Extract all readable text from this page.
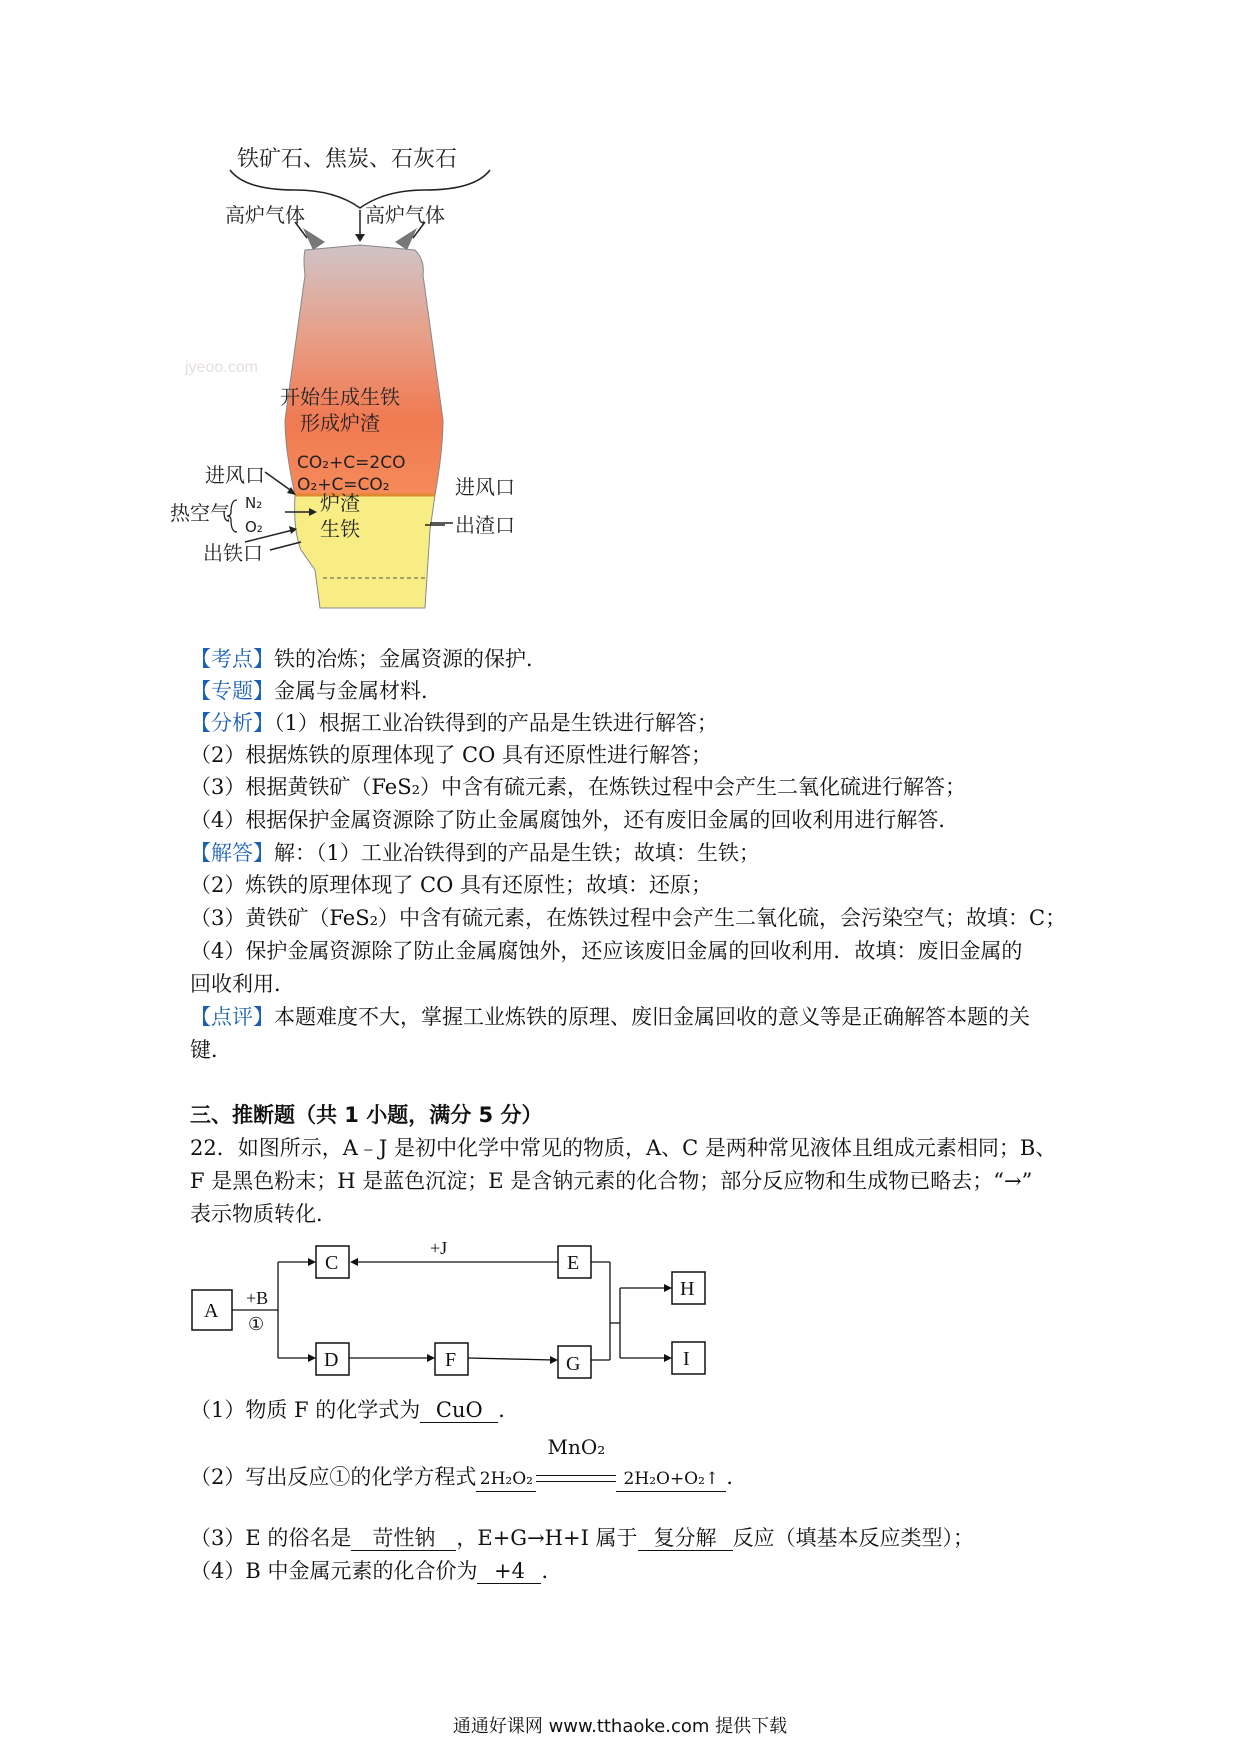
jyeoo.com
铁矿石、焦炭、石灰石
高炉气体	高炉气体
开始生成生铁
形成炉渣
CO₂+C=2CO
O₂+C=CO₂
炉渣
生铁
进风口	进风口
热空气 N₂
O₂
出铁口
出渣口
【考点】铁的冶炼；金属资源的保护．
【专题】金属与金属材料．
【分析】（1）根据工业冶铁得到的产品是生铁进行解答；
（2）根据炼铁的原理体现了 CO 具有还原性进行解答；
（3）根据黄铁矿（FeS₂）中含有硫元素，在炼铁过程中会产生二氧化硫进行解答；
（4）根据保护金属资源除了防止金属腐蚀外，还有废旧金属的回收利用进行解答．
【解答】解：（1）工业冶铁得到的产品是生铁；故填：生铁；
（2）炼铁的原理体现了 CO 具有还原性；故填：还原；
（3）黄铁矿（FeS₂）中含有硫元素，在炼铁过程中会产生二氧化硫，会污染空气；故填：C；
（4）保护金属资源除了防止金属腐蚀外，还应该废旧金属的回收利用．故填：废旧金属的
回收利用．
【点评】本题难度不大，掌握工业炼铁的原理、废旧金属回收的意义等是正确解答本题的关
键．
三、推断题（共 1 小题，满分 5 分）
22．如图所示，A﹣J 是初中化学中常见的物质，A、C 是两种常见液体且组成元素相同；B、
F 是黑色粉末；H 是蓝色沉淀；E 是含钠元素的化合物；部分反应物和生成物已略去；“→”
表示物质转化．
A
C
D	F
E
G
H
I
+B
①
+J
（1）物质 F 的化学式为 CuO ．
（2）写出反应①的化学方程式 2H₂O₂
MnO₂
2H₂O+O₂↑ ．
（3）E 的俗名是 苛性钠 ，E+G→H+I 属于 复分解 反应（填基本反应类型）；
（4）B 中金属元素的化合价为 +4 ．
通通好课网 www.tthaoke.com 提供下载
